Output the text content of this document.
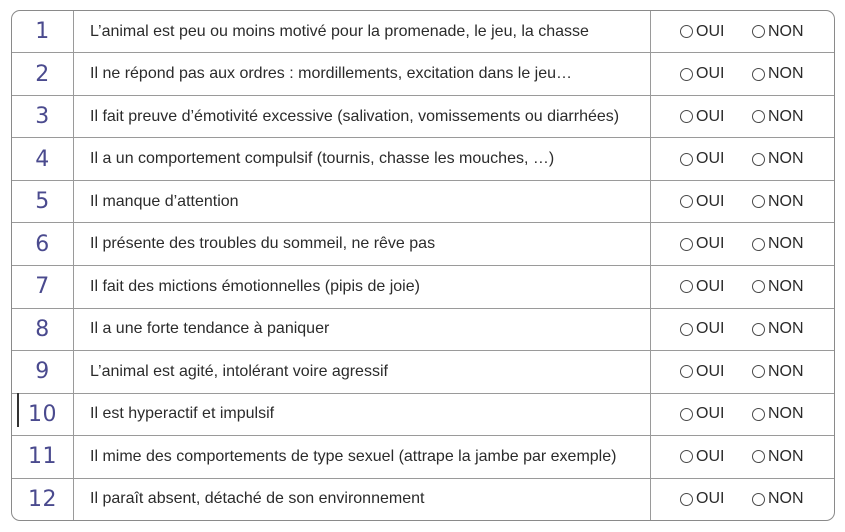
1	L’animal est peu ou moins motivé pour la promenade, le jeu, la chasse	OUI NON

2	Il ne répond pas aux ordres : mordillements, excitation dans le jeu…	OUI NON

3	Il fait preuve d’émotivité excessive (salivation, vomissements ou diarrhées)	OUI NON

4	Il a un comportement compulsif (tournis, chasse les mouches, …)	OUI NON

5	Il manque d’attention	OUI NON

6	Il présente des troubles du sommeil, ne rêve pas	OUI NON

7	Il fait des mictions émotionnelles (pipis de joie)	OUI NON

8	Il a une forte tendance à paniquer	OUI NON

9	L’animal est agité, intolérant voire agressif	OUI NON

10	Il est hyperactif et impulsif	OUI NON

11	Il mime des comportements de type sexuel (attrape la jambe par exemple)	OUI NON

12	Il paraît absent, détaché de son environnement	OUI NON
